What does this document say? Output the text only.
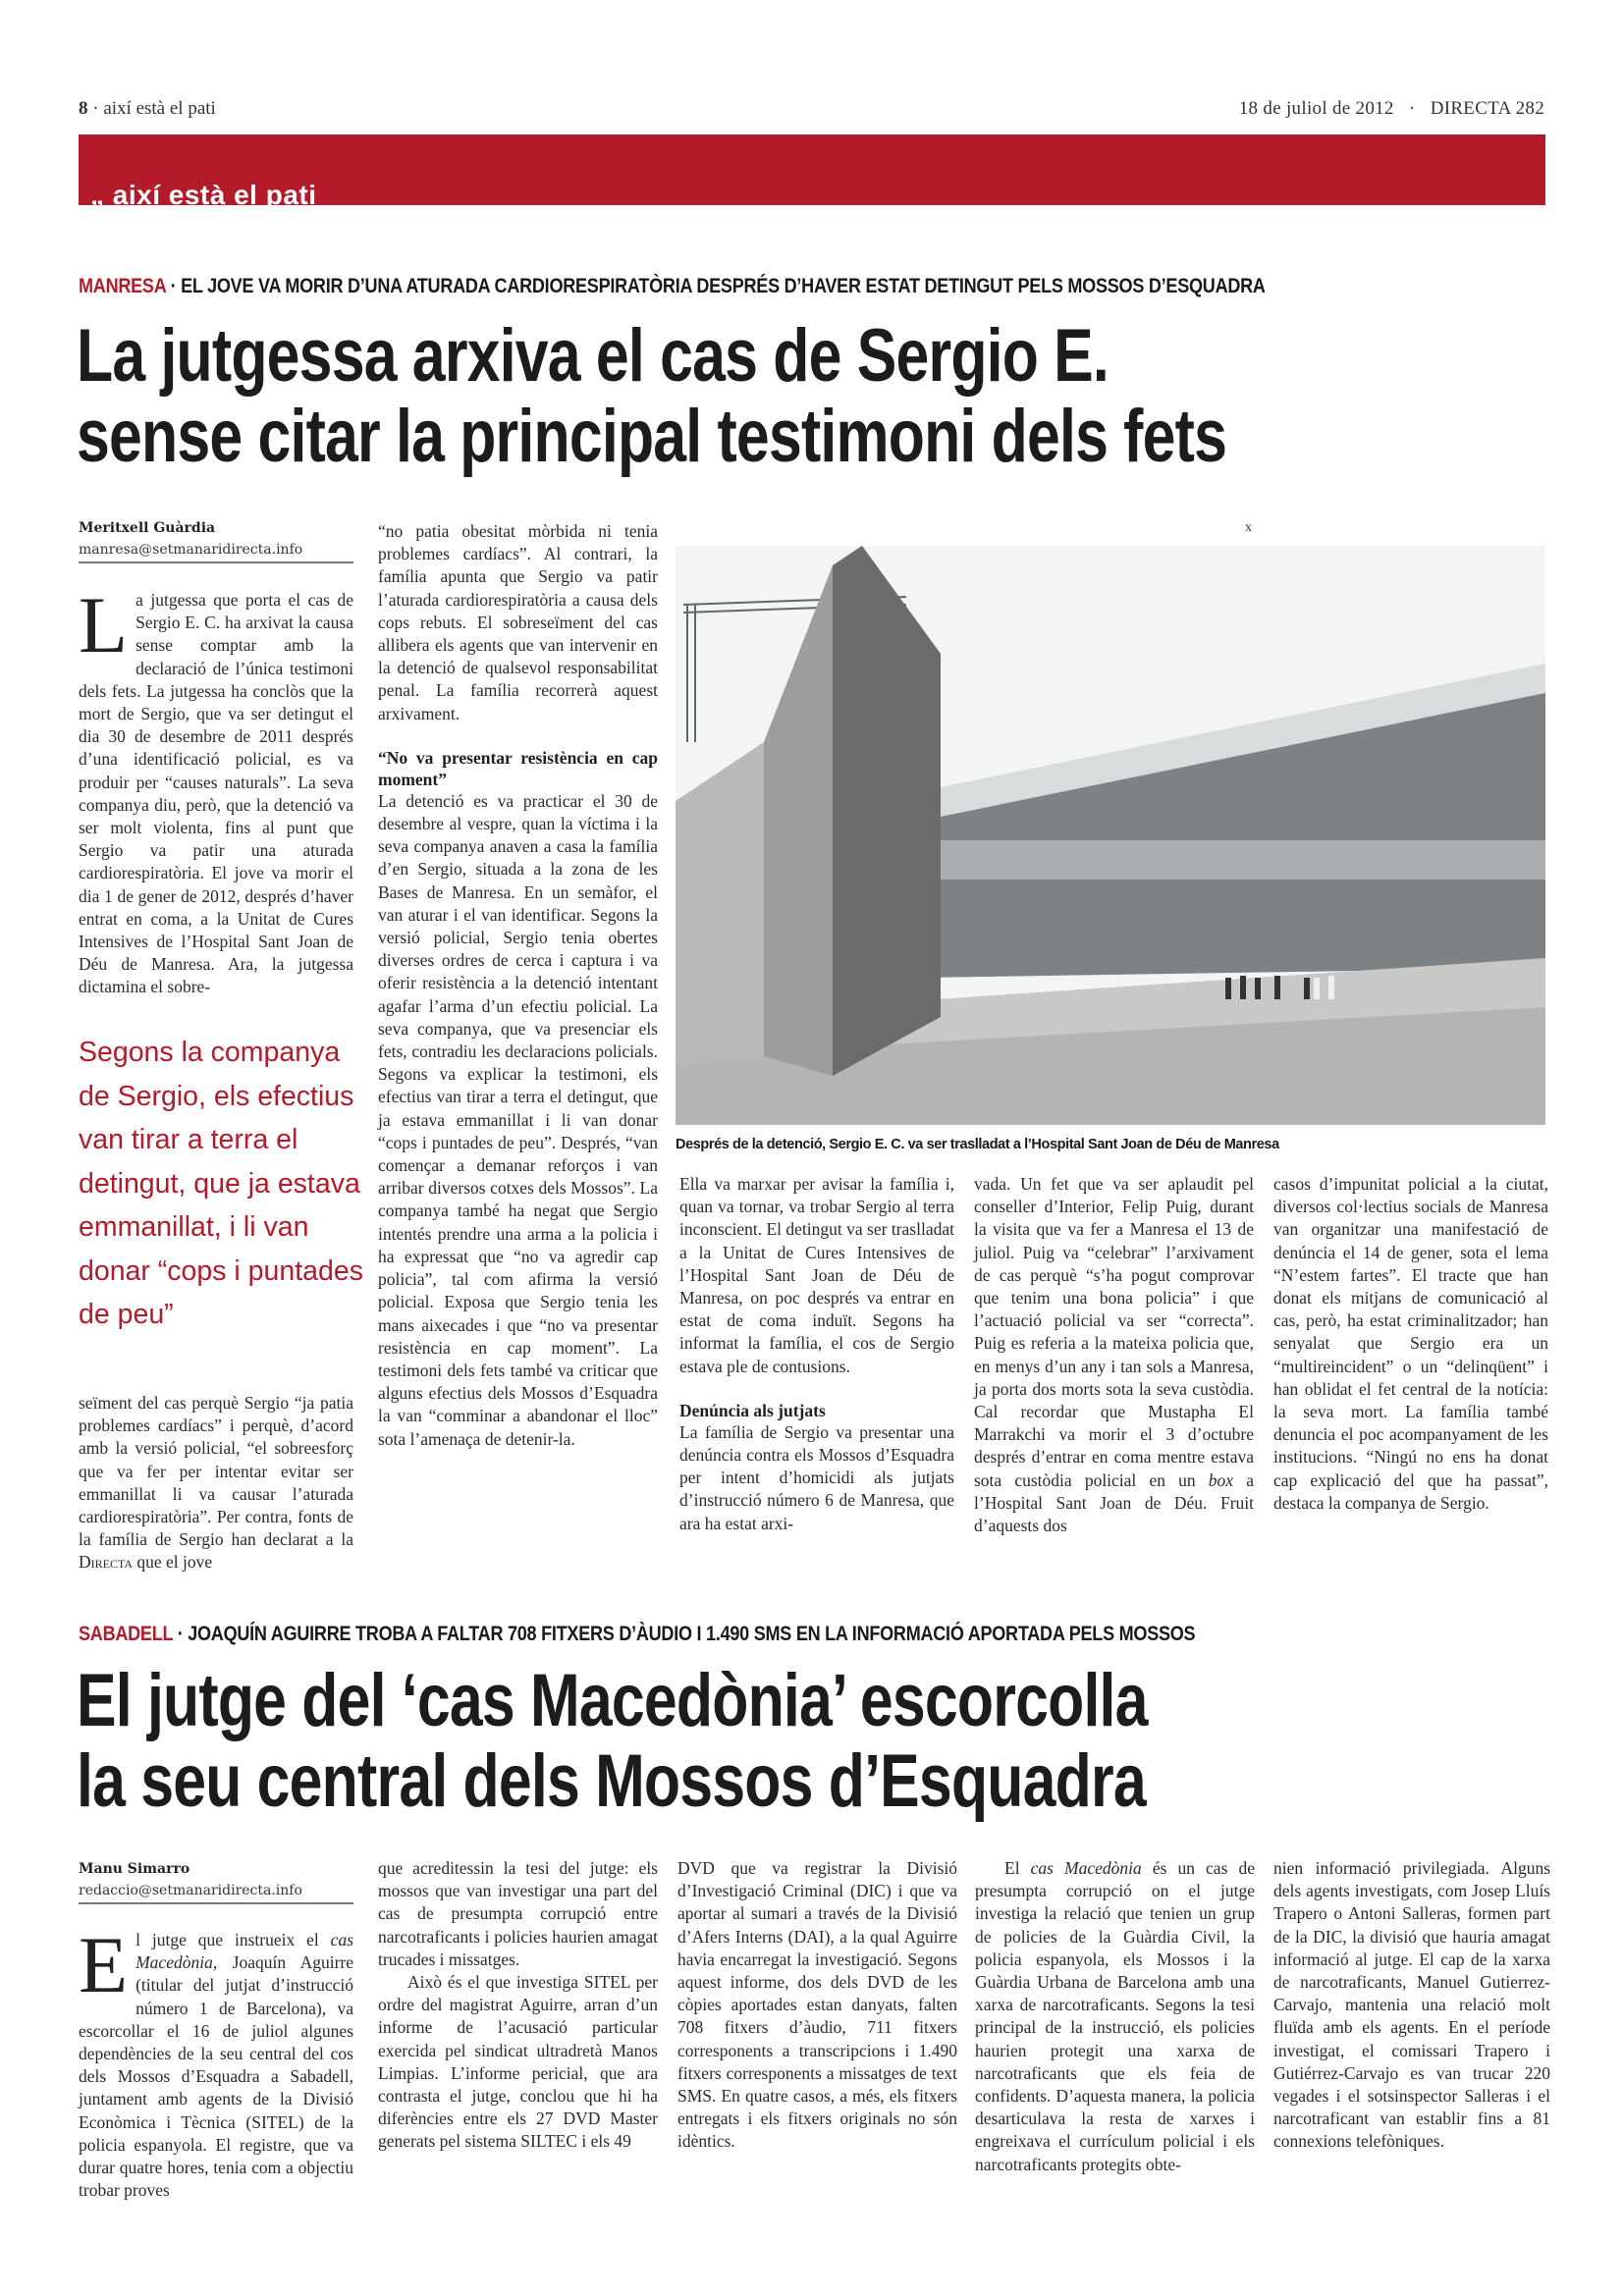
8 · així està el pati	18 de juliol de 2012 · DIRECTA 282
„ així està el pati
MANRESA · EL JOVE VA MORIR D’UNA ATURADA CARDIORESPIRATÒRIA DESPRÉS D’HAVER ESTAT DETINGUT PELS MOSSOS D’ESQUADRA
La jutgessa arxiva el cas de Sergio E.
sense citar la principal testimoni dels fets
Meritxell Guàrdia
manresa@setmanaridirecta.info
L a jutgessa que porta el cas de Sergio E. C. ha arxivat la causa sense comptar amb la declaració de l’única testimoni dels fets. La jutgessa ha conclòs que la mort de Sergio, que va ser detingut el dia 30 de desembre de 2011 després d’una identificació policial, es va produir per “causes naturals”. La seva companya diu, però, que la detenció va ser molt violenta, fins al punt que Sergio va patir una aturada cardiorespiratòria. El jove va morir el dia 1 de gener de 2012, després d’haver entrat en coma, a la Unitat de Cures Intensives de l’Hospital Sant Joan de Déu de Manresa. Ara, la jutgessa dictamina el sobre-

Segons la companya de Sergio, els efectius van tirar a terra el detingut, que ja estava emmanillat, i li van donar “cops i puntades de peu”

seïment del cas perquè Sergio “ja patia problemes cardíacs” i perquè, d’acord amb la versió policial, “el sobreesforç que va fer per intentar evitar ser emmanillat li va causar l’aturada cardiorespiratòria”. Per contra, fonts de la família de Sergio han declarat a la Directa que el jove

“no patia obesitat mòrbida ni tenia problemes cardíacs”. Al contrari, la família apunta que Sergio va patir l’aturada cardiorespiratòria a causa dels cops rebuts. El sobreseïment del cas allibera els agents que van intervenir en la detenció de qualsevol responsabilitat penal. La família recorrerà aquest arxivament.

“No va presentar resistència en cap moment”

La detenció es va practicar el 30 de desembre al vespre, quan la víctima i la seva companya anaven a casa la família d’en Sergio, situada a la zona de les Bases de Manresa. En un semàfor, el van aturar i el van identificar. Segons la versió policial, Sergio tenia obertes diverses ordres de cerca i captura i va oferir resistència a la detenció intentant agafar l’arma d’un efectiu policial. La seva companya, que va presenciar els fets, contradiu les declaracions policials. Segons va explicar la testimoni, els efectius van tirar a terra el detingut, que ja estava emmanillat i li van donar “cops i puntades de peu”. Després, “van començar a demanar reforços i van arribar diversos cotxes dels Mossos”. La companya també ha negat que Sergio intentés prendre una arma a la policia i ha expressat que “no va agredir cap policia”, tal com afirma la versió policial. Exposa que Sergio tenia les mans aixecades i que “no va presentar resistència en cap moment”. La testimoni dels fets també va criticar que alguns efectius dels Mossos d’Esquadra la van “comminar a abandonar el lloc” sota l’amenaça de detenir-la.

x
Després de la detenció, Sergio E. C. va ser traslladat a l’Hospital Sant Joan de Déu de Manresa

Ella va marxar per avisar la família i, quan va tornar, va trobar Sergio al terra inconscient. El detingut va ser traslladat a la Unitat de Cures Intensives de l’Hospital Sant Joan de Déu de Manresa, on poc després va entrar en estat de coma induït. Segons ha informat la família, el cos de Sergio estava ple de contusions.

Denúncia als jutjats

La família de Sergio va presentar una denúncia contra els Mossos d’Esquadra per intent d’homicidi als jutjats d’instrucció número 6 de Manresa, que ara ha estat arxi-

vada. Un fet que va ser aplaudit pel conseller d’Interior, Felip Puig, durant la visita que va fer a Manresa el 13 de juliol. Puig va “celebrar” l’arxivament de cas perquè “s’ha pogut comprovar que tenim una bona policia” i que l’actuació policial va ser “correcta”. Puig es referia a la mateixa policia que, en menys d’un any i tan sols a Manresa, ja porta dos morts sota la seva custòdia. Cal recordar que Mustapha El Marrakchi va morir el 3 d’octubre després d’entrar en coma mentre estava sota custòdia policial en un box a l’Hospital Sant Joan de Déu. Fruit d’aquests dos

casos d’impunitat policial a la ciutat, diversos col·lectius socials de Manresa van organitzar una manifestació de denúncia el 14 de gener, sota el lema “N’estem fartes”. El tracte que han donat els mitjans de comunicació al cas, però, ha estat criminalitzador; han senyalat que Sergio era un “multireincident” o un “delinqüent” i han oblidat el fet central de la notícia: la seva mort. La família també denuncia el poc acompanyament de les institucions. “Ningú no ens ha donat cap explicació del que ha passat”, destaca la companya de Sergio.

SABADELL · JOAQUÍN AGUIRRE TROBA A FALTAR 708 FITXERS D’ÀUDIO I 1.490 SMS EN LA INFORMACIÓ APORTADA PELS MOSSOS
El jutge del ‘cas Macedònia’ escorcolla
la seu central dels Mossos d’Esquadra
Manu Simarro
redaccio@setmanaridirecta.info
E l jutge que instrueix el cas Macedònia, Joaquín Aguirre (titular del jutjat d’instrucció número 1 de Barcelona), va escorcollar el 16 de juliol algunes dependències de la seu central del cos dels Mossos d’Esquadra a Sabadell, juntament amb agents de la Divisió Econòmica i Tècnica (SITEL) de la policia espanyola. El registre, que va durar quatre hores, tenia com a objectiu trobar proves

que acreditessin la tesi del jutge: els mossos que van investigar una part del cas de presumpta corrupció entre narcotraficants i policies haurien amagat trucades i missatges.

Això és el que investiga SITEL per ordre del magistrat Aguirre, arran d’un informe de l’acusació particular exercida pel sindicat ultradretà Manos Limpias. L’informe pericial, que ara contrasta el jutge, conclou que hi ha diferències entre els 27 DVD Master generats pel sistema SILTEC i els 49

DVD que va registrar la Divisió d’Investigació Criminal (DIC) i que va aportar al sumari a través de la Divisió d’Afers Interns (DAI), a la qual Aguirre havia encarregat la investigació. Segons aquest informe, dos dels DVD de les còpies aportades estan danyats, falten 708 fitxers d’àudio, 711 fitxers corresponents a transcripcions i 1.490 fitxers corresponents a missatges de text SMS. En quatre casos, a més, els fitxers entregats i els fitxers originals no són idèntics.

El cas Macedònia és un cas de presumpta corrupció on el jutge investiga la relació que tenien un grup de policies de la Guàrdia Civil, la policia espanyola, els Mossos i la Guàrdia Urbana de Barcelona amb una xarxa de narcotraficants. Segons la tesi principal de la instrucció, els policies haurien protegit una xarxa de narcotraficants que els feia de confidents. D’aquesta manera, la policia desarticulava la resta de xarxes i engreixava el currículum policial i els narcotraficants protegits obte-

nien informació privilegiada. Alguns dels agents investigats, com Josep Lluís Trapero o Antoni Salleras, formen part de la DIC, la divisió que hauria amagat informació al jutge. El cap de la xarxa de narcotraficants, Manuel Gutierrez-Carvajo, mantenia una relació molt fluïda amb els agents. En el període investigat, el comissari Trapero i Gutiérrez-Carvajo es van trucar 220 vegades i el sotsinspector Salleras i el narcotraficant van establir fins a 81 connexions telefòniques.
